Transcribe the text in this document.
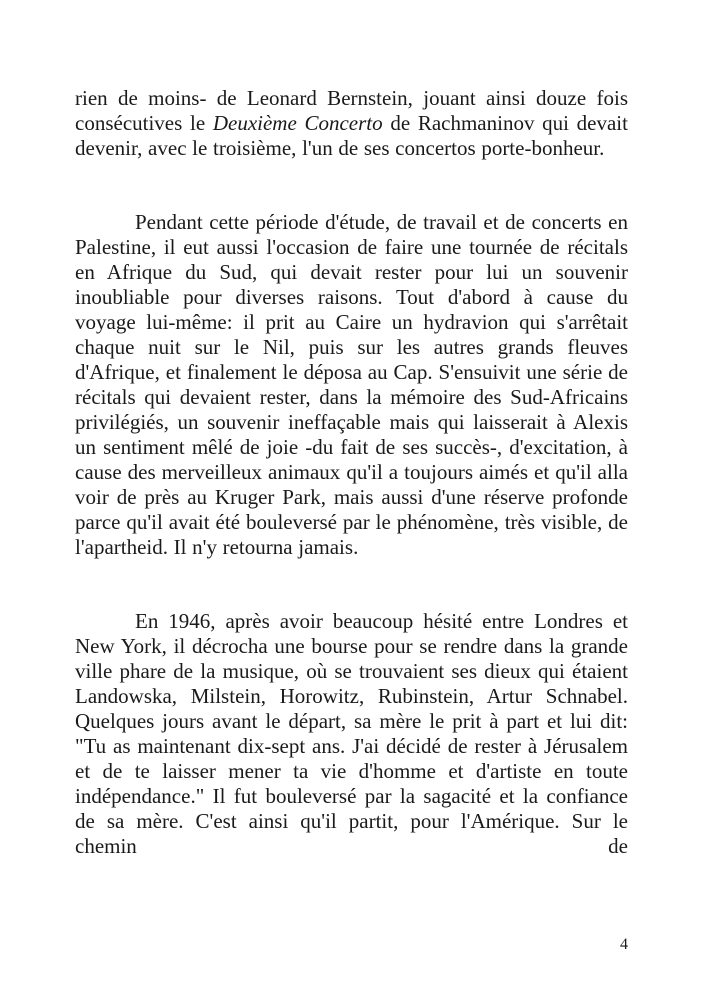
rien de moins- de Leonard Bernstein, jouant ainsi douze fois consécutives le Deuxième Concerto de Rachmaninov qui devait devenir, avec le troisième, l'un de ses concertos porte-bonheur.

Pendant cette période d'étude, de travail et de concerts en Palestine, il eut aussi l'occasion de faire une tournée de récitals en Afrique du Sud, qui devait rester pour lui un souvenir inoubliable pour diverses raisons. Tout d'abord à cause du voyage lui-même: il prit au Caire un hydravion qui s'arrêtait chaque nuit sur le Nil, puis sur les autres grands fleuves d'Afrique, et finalement le déposa au Cap. S'ensuivit une série de récitals qui devaient rester, dans la mémoire des Sud-Africains privilégiés, un souvenir ineffaçable mais qui laisserait à Alexis un sentiment mêlé de joie -du fait de ses succès-, d'excitation, à cause des merveilleux animaux qu'il a toujours aimés et qu'il alla voir de près au Kruger Park, mais aussi d'une réserve profonde parce qu'il avait été bouleversé par le phénomène, très visible, de l'apartheid. Il n'y retourna jamais.

En 1946, après avoir beaucoup hésité entre Londres et New York, il décrocha une bourse pour se rendre dans la grande ville phare de la musique, où se trouvaient ses dieux qui étaient Landowska, Milstein, Horowitz, Rubinstein, Artur Schnabel. Quelques jours avant le départ, sa mère le prit à part et lui dit: "Tu as maintenant dix-sept ans. J'ai décidé de rester à Jérusalem et de te laisser mener ta vie d'homme et d'artiste en toute indépendance." Il fut bouleversé par la sagacité et la confiance de sa mère. C'est ainsi qu'il partit, pour l'Amérique. Sur le chemin de

4
